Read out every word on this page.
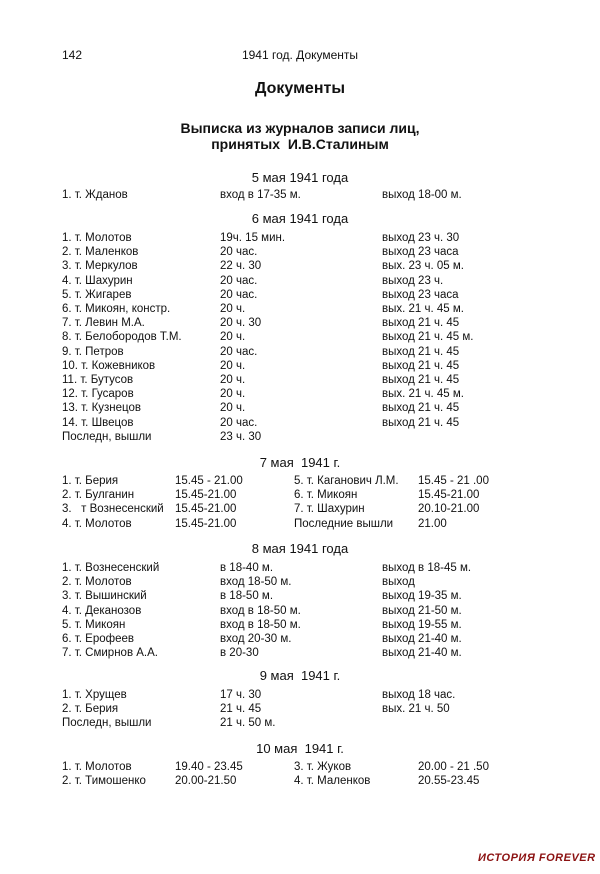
142	1941 год. Документы
Документы
Выписка из журналов записи лиц,
принятых  И.В.Сталиным
5 мая 1941 года
1. т. Жданов	вход в 17-35 м.	выход 18-00 м.
6 мая 1941 года
1. т. Молотов	19ч. 15 мин.	выход 23 ч. 30
2. т. Маленков	20 час.	выход 23 часа
3. т. Меркулов	22 ч. 30	вых. 23 ч. 05 м.
4. т. Шахурин	20 час.	выход 23 ч.
5. т. Жигарев	20 час.	выход 23 часа
6. т. Микоян, констр.	20 ч.	вых. 21 ч. 45 м.
7. т. Левин М.А.	20 ч. 30	выход 21 ч. 45
8. т. Белобородов Т.М.	20 ч.	выход 21 ч. 45 м.
9. т. Петров	20 час.	выход 21 ч. 45
10. т. Кожевников	20 ч.	выход 21 ч. 45
11. т. Бутусов	20 ч.	выход 21 ч. 45
12. т. Гусаров	20 ч.	вых. 21 ч. 45 м.
13. т. Кузнецов	20 ч.	выход 21 ч. 45
14. т. Швецов	20 час.	выход 21 ч. 45
Последн, вышли	23 ч. 30
7 мая  1941 г.
1. т. Берия	15.45 - 21.00	5. т. Каганович Л.М. 15.45 - 21 .00
2. т. Булганин	15.45-21.00	6. т. Микоян	15.45-21.00
3.   т Вознесенский 15.45-21.00	7. т. Шахурин	20.10-21.00
4. т. Молотов	15.45-21.00	Последние вышли 21.00
8 мая 1941 года
1. т. Вознесенский	в 18-40 м.	выход в 18-45 м.
2. т. Молотов	вход 18-50 м.	выход
3. т. Вышинский	в 18-50 м.	выход 19-35 м.
4. т. Деканозов	вход в 18-50 м.	выход 21-50 м.
5. т. Микоян	вход в 18-50 м.	выход 19-55 м.
6. т. Ерофеев	вход 20-30 м.	выход 21-40 м.
7. т. Смирнов А.А.	в 20-30	выход 21-40 м.
9 мая  1941 г.
1. т. Хрущев	17 ч. 30	выход 18 час.
2. т. Берия	21 ч. 45	вых. 21 ч. 50
Последн, вышли	21 ч. 50 м.
10 мая  1941 г.
1. т. Молотов	19.40 - 23.45	3. т. Жуков	20.00 - 21 .50
2. т. Тимошенко	20.00-21.50	4. т. Маленков	20.55-23.45
ИСТОРИЯ FOREVER
